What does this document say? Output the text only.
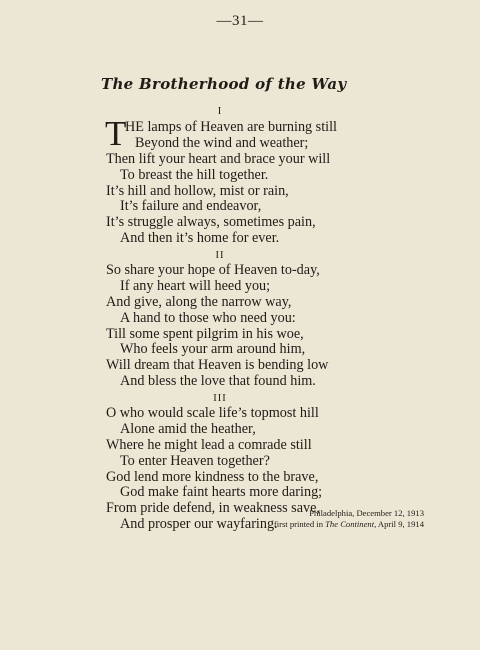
—31—
The Brotherhood of the Way
I
T
HE lamps of Heaven are burning still
Beyond the wind and weather;
Then lift your heart and brace your will
To breast the hill together.
It’s hill and hollow, mist or rain,
It’s failure and endeavor,
It’s struggle always, sometimes pain,
And then it’s home for ever.
II
So share your hope of Heaven to-day,
If any heart will heed you;
And give, along the narrow way,
A hand to those who need you:
Till some spent pilgrim in his woe,
Who feels your arm around him,
Will dream that Heaven is bending low
And bless the love that found him.
III
O who would scale life’s topmost hill
Alone amid the heather,
Where he might lead a comrade still
To enter Heaven together?
God lend more kindness to the brave,
God make faint hearts more daring;
From pride defend, in weakness save,
And prosper our wayfaring.
Philadelphia, December 12, 1913
first printed in The Continent, April 9, 1914
